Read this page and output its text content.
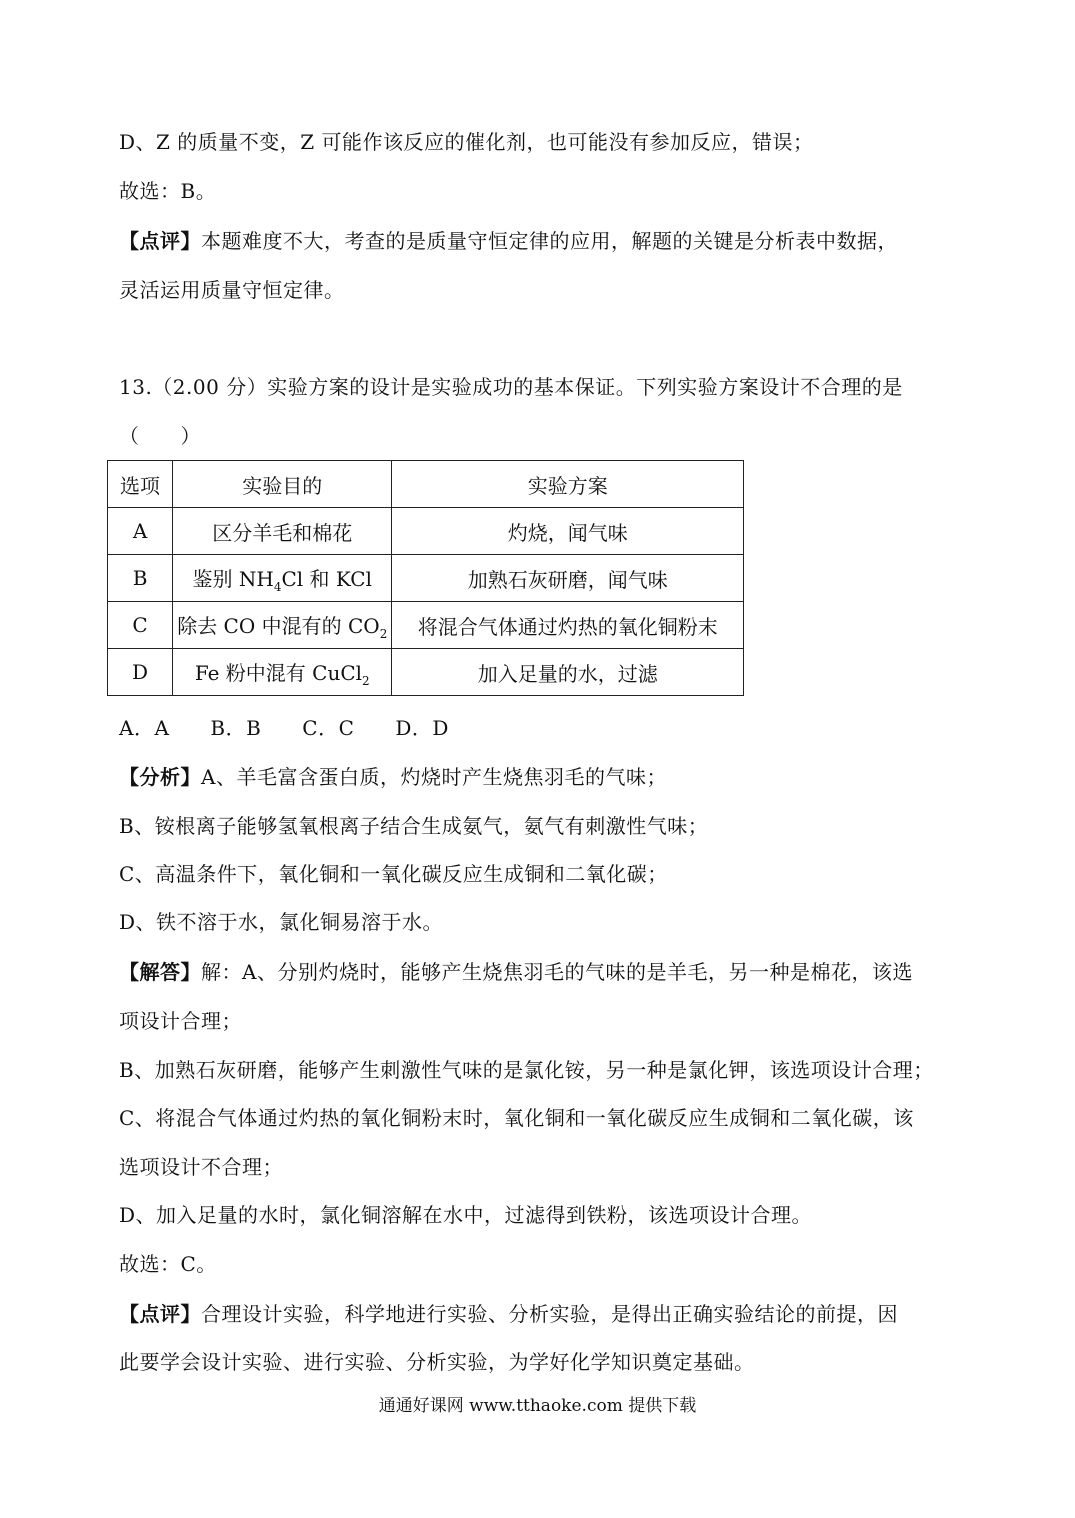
D、Z 的质量不变，Z 可能作该反应的催化剂，也可能没有参加反应，错误；
故选：B。
【点评】本题难度不大，考查的是质量守恒定律的应用，解题的关键是分析表中数据，
灵活运用质量守恒定律。
13.（2.00 分）实验方案的设计是实验成功的基本保证。下列实验方案设计不合理的是
（　　）
选项	实验目的	实验方案
A	区分羊毛和棉花	灼烧，闻气味
B	鉴别 $NH_4Cl$ 和 KCl	加熟石灰研磨，闻气味
C	除去 CO 中混有的 $CO_2$	将混合气体通过灼热的氧化铜粉末
D	Fe 粉中混有 CuCl$_2$	加入足量的水，过滤
A．A　　B．B　　C．C　　D．D
【分析】A、羊毛富含蛋白质，灼烧时产生烧焦羽毛的气味；
B、铵根离子能够氢氧根离子结合生成氨气，氨气有刺激性气味；
C、高温条件下，氧化铜和一氧化碳反应生成铜和二氧化碳；
D、铁不溶于水，氯化铜易溶于水。
【解答】解：A、分别灼烧时，能够产生烧焦羽毛的气味的是羊毛，另一种是棉花，该选
项设计合理；
B、加熟石灰研磨，能够产生刺激性气味的是氯化铵，另一种是氯化钾，该选项设计合理；
C、将混合气体通过灼热的氧化铜粉末时，氧化铜和一氧化碳反应生成铜和二氧化碳，该
选项设计不合理；
D、加入足量的水时，氯化铜溶解在水中，过滤得到铁粉，该选项设计合理。
故选：C。
【点评】合理设计实验，科学地进行实验、分析实验，是得出正确实验结论的前提，因
此要学会设计实验、进行实验、分析实验，为学好化学知识奠定基础。
通通好课网 www.tthaoke.com 提供下载
